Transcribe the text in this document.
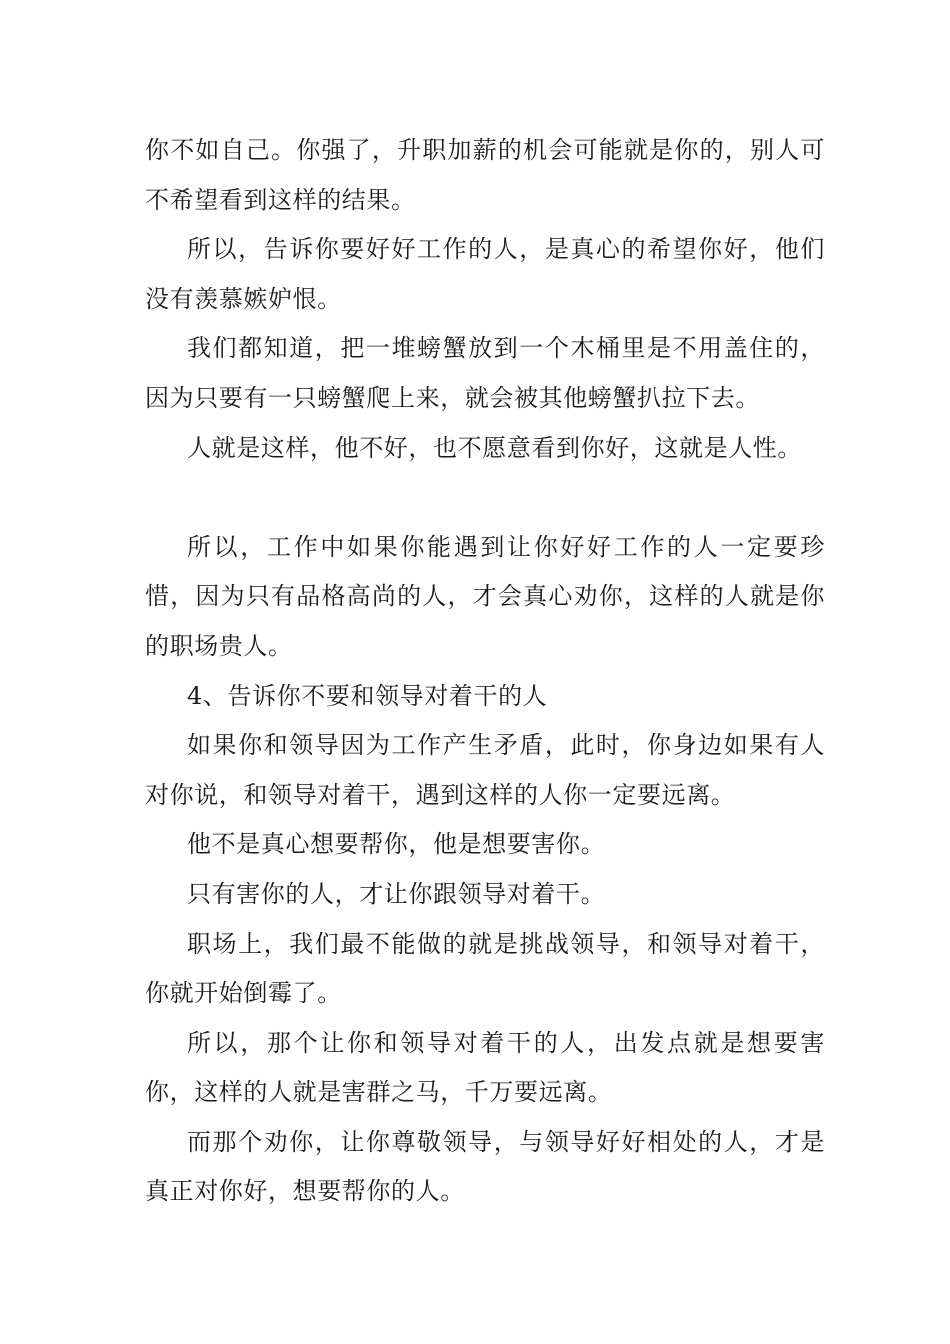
你不如自己。你强了，升职加薪的机会可能就是你的，别人可不希望看到这样的结果。

所以，告诉你要好好工作的人，是真心的希望你好，他们没有羡慕嫉妒恨。

我们都知道，把一堆螃蟹放到一个木桶里是不用盖住的，因为只要有一只螃蟹爬上来，就会被其他螃蟹扒拉下去。

人就是这样，他不好，也不愿意看到你好，这就是人性。

所以，工作中如果你能遇到让你好好工作的人一定要珍惜，因为只有品格高尚的人，才会真心劝你，这样的人就是你的职场贵人。

4、告诉你不要和领导对着干的人

如果你和领导因为工作产生矛盾，此时，你身边如果有人对你说，和领导对着干，遇到这样的人你一定要远离。

他不是真心想要帮你，他是想要害你。

只有害你的人，才让你跟领导对着干。

职场上，我们最不能做的就是挑战领导，和领导对着干，你就开始倒霉了。

所以，那个让你和领导对着干的人，出发点就是想要害你，这样的人就是害群之马，千万要远离。

而那个劝你，让你尊敬领导，与领导好好相处的人，才是真正对你好，想要帮你的人。
